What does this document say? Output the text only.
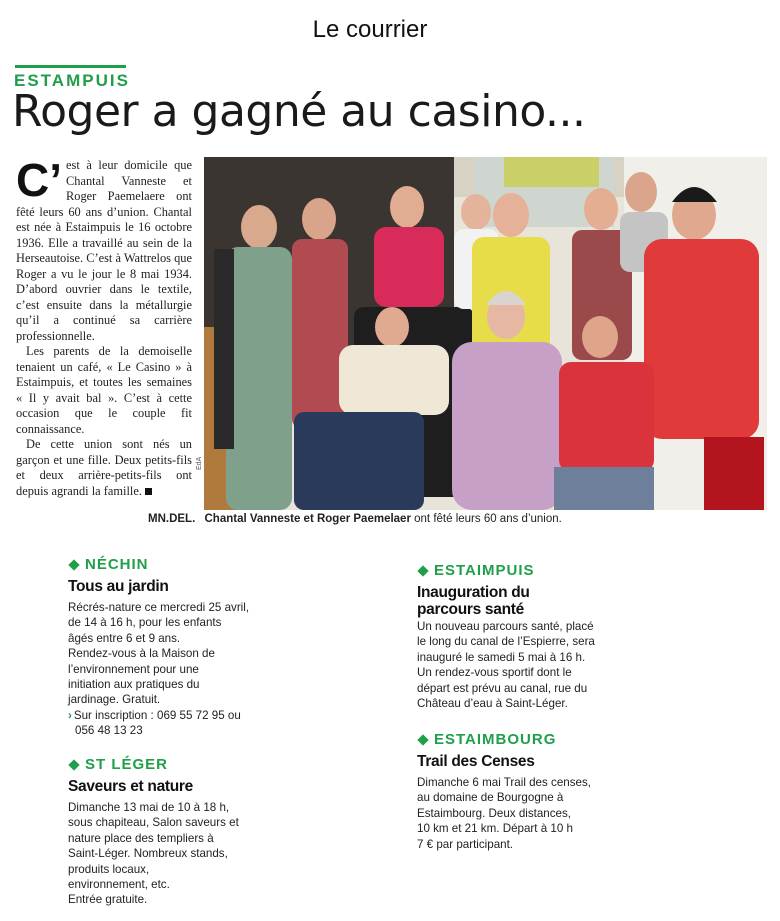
Le courrier
ESTAMPUIS
Roger a gagné au casino...

C’ est à leur domicile que Chantal Vanneste et Roger Paemelaere ont fêté leurs 60 ans d’union. Chantal est née à Estaimpuis le 16 octobre 1936. Elle a travaillé au sein de la Herseautoise. C’est à Wattrelos que Roger a vu le jour le 8 mai 1934. D’abord ouvrier dans le textile, c’est ensuite dans la métallurgie qu’il a continué sa carrière professionnelle.

Les parents de la demoiselle tenaient un café, « Le Casino » à Estaimpuis, et toutes les semaines « Il y avait bal ». C’est à cette occasion que le couple fit connaissance.

De cette union sont nés un garçon et une fille. Deux petits-fils et deux arrière-petits-fils ont depuis agrandi la famille.

EdA
MN.DEL. Chantal Vanneste et Roger Paemelaer ont fêté leurs 60 ans d’union.
NÉCHIN
Tous au jardin
Récrés-nature ce mercredi 25 avril,
de 14 à 16 h, pour les enfants
âgés entre 6 et 9 ans.
Rendez-vous à la Maison de
l’environnement pour une
initiation aux pratiques du
jardinage. Gratuit.
› Sur inscription : 069 55 72 95 ou
056 48 13 23
ST LÉGER
Saveurs et nature
Dimanche 13 mai de 10 à 18 h,
sous chapiteau, Salon saveurs et
nature place des templiers à
Saint-Léger. Nombreux stands,
produits locaux,
environnement, etc.
Entrée gratuite.
ESTAIMPUIS
Inauguration du
parcours santé
Un nouveau parcours santé, placé
le long du canal de l’Espierre, sera
inauguré le samedi 5 mai à 16 h.
Un rendez-vous sportif dont le
départ est prévu au canal, rue du
Château d’eau à Saint-Léger.
ESTAIMBOURG
Trail des Censes
Dimanche 6 mai Trail des censes,
au domaine de Bourgogne à
Estaimbourg. Deux distances,
10 km et 21 km. Départ à 10 h
7 € par participant.
